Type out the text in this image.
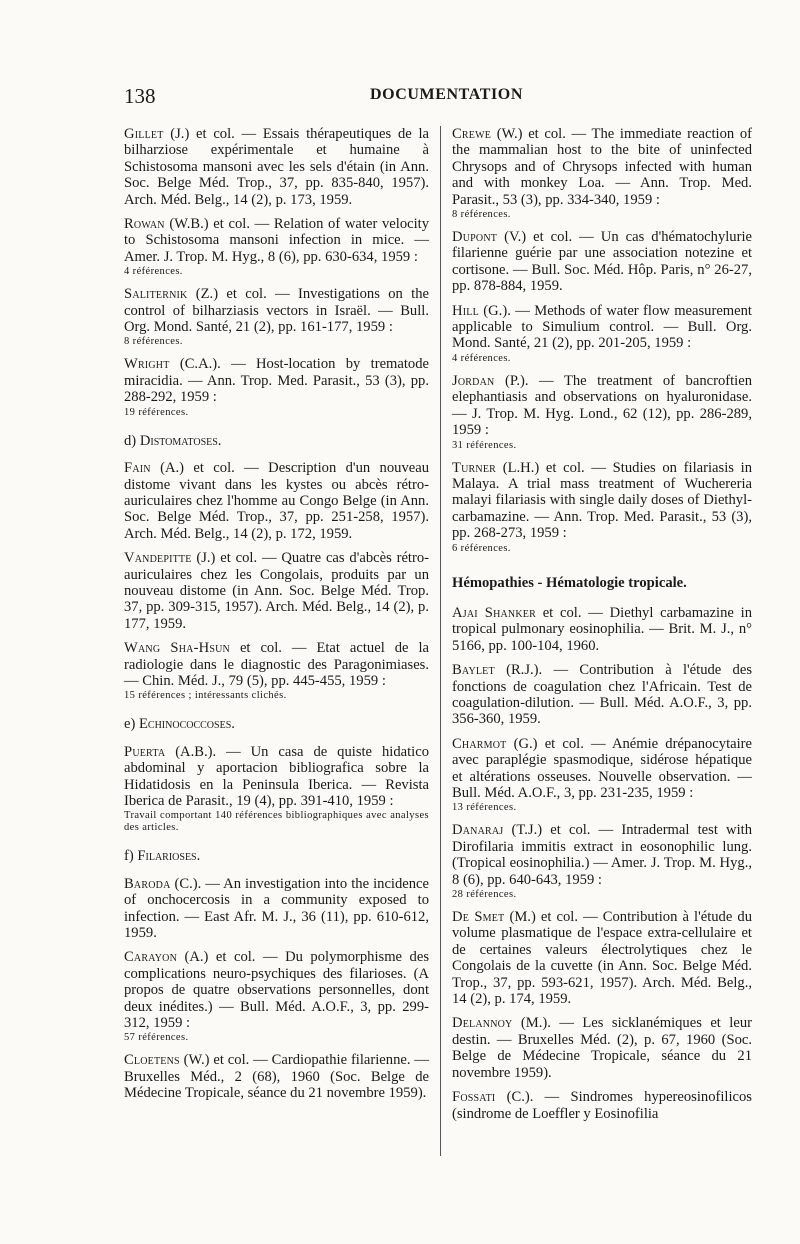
138	DOCUMENTATION
Gillet (J.) et col. — Essais thérapeutiques de la bilharziose expérimentale et humaine à Schistosoma mansoni avec les sels d'étain (in Ann. Soc. Belge Méd. Trop., 37, pp. 835-840, 1957). Arch. Méd. Belg., 14 (2), p. 173, 1959.
Rowan (W.B.) et col. — Relation of water velocity to Schistosoma mansoni infection in mice. — Amer. J. Trop. M. Hyg., 8 (6), pp. 630-634, 1959 :
4 références.
Saliternik (Z.) et col. — Investigations on the control of bilharziasis vectors in Israël. — Bull. Org. Mond. Santé, 21 (2), pp. 161-177, 1959 :
8 références.
Wright (C.A.). — Host-location by trematode miracidia. — Ann. Trop. Med. Parasit., 53 (3), pp. 288-292, 1959 :
19 références.
d) Distomatoses.
Fain (A.) et col. — Description d'un nouveau distome vivant dans les kystes ou abcès rétro-auriculaires chez l'homme au Congo Belge (in Ann. Soc. Belge Méd. Trop., 37, pp. 251-258, 1957). Arch. Méd. Belg., 14 (2), p. 172, 1959.
Vandepitte (J.) et col. — Quatre cas d'abcès rétro-auriculaires chez les Congolais, produits par un nouveau distome (in Ann. Soc. Belge Méd. Trop. 37, pp. 309-315, 1957). Arch. Méd. Belg., 14 (2), p. 177, 1959.
Wang Sha-Hsun et col. — Etat actuel de la radiologie dans le diagnostic des Paragonimiases. — Chin. Méd. J., 79 (5), pp. 445-455, 1959 :
15 références ; intéressants clichés.
e) Echinococcoses.
Puerta (A.B.). — Un casa de quiste hidatico abdominal y aportacion bibliografica sobre la Hidatidosis en la Peninsula Iberica. — Revista Iberica de Parasit., 19 (4), pp. 391-410, 1959 :
Travail comportant 140 références bibliographiques avec analyses des articles.
f) Filarioses.
Baroda (C.). — An investigation into the incidence of onchocercosis in a community exposed to infection. — East Afr. M. J., 36 (11), pp. 610-612, 1959.
Carayon (A.) et col. — Du polymorphisme des complications neuro-psychiques des filarioses. (A propos de quatre observations personnelles, dont deux inédites.) — Bull. Méd. A.O.F., 3, pp. 299-312, 1959 :
57 références.
Cloetens (W.) et col. — Cardiopathie filarienne. — Bruxelles Méd., 2 (68), 1960 (Soc. Belge de Médecine Tropicale, séance du 21 novembre 1959).
Crewe (W.) et col. — The immediate reaction of the mammalian host to the bite of uninfected Chrysops and of Chrysops infected with human and with monkey Loa. — Ann. Trop. Med. Parasit., 53 (3), pp. 334-340, 1959 :
8 références.
Dupont (V.) et col. — Un cas d'hématochylurie filarienne guérie par une association notezine et cortisone. — Bull. Soc. Méd. Hôp. Paris, n° 26-27, pp. 878-884, 1959.
Hill (G.). — Methods of water flow measurement applicable to Simulium control. — Bull. Org. Mond. Santé, 21 (2), pp. 201-205, 1959 :
4 références.
Jordan (P.). — The treatment of bancroftien elephantiasis and observations on hyaluronidase. — J. Trop. M. Hyg. Lond., 62 (12), pp. 286-289, 1959 :
31 références.
Turner (L.H.) et col. — Studies on filariasis in Malaya. A trial mass treatment of Wuchereria malayi filariasis with single daily doses of Diethyl-carbamazine. — Ann. Trop. Med. Parasit., 53 (3), pp. 268-273, 1959 :
6 références.
Hémopathies - Hématologie tropicale.
Ajai Shanker et col. — Diethyl carbamazine in tropical pulmonary eosinophilia. — Brit. M. J., n° 5166, pp. 100-104, 1960.
Baylet (R.J.). — Contribution à l'étude des fonctions de coagulation chez l'Africain. Test de coagulation-dilution. — Bull. Méd. A.O.F., 3, pp. 356-360, 1959.
Charmot (G.) et col. — Anémie drépanocytaire avec paraplégie spasmodique, sidérose hépatique et altérations osseuses. Nouvelle observation. — Bull. Méd. A.O.F., 3, pp. 231-235, 1959 :
13 références.
Danaraj (T.J.) et col. — Intradermal test with Dirofilaria immitis extract in eosonophilic lung. (Tropical eosinophilia.) — Amer. J. Trop. M. Hyg., 8 (6), pp. 640-643, 1959 :
28 références.
De Smet (M.) et col. — Contribution à l'étude du volume plasmatique de l'espace extra-cellulaire et de certaines valeurs électrolytiques chez le Congolais de la cuvette (in Ann. Soc. Belge Méd. Trop., 37, pp. 593-621, 1957). Arch. Méd. Belg., 14 (2), p. 174, 1959.
Delannoy (M.). — Les sicklanémiques et leur destin. — Bruxelles Méd. (2), p. 67, 1960 (Soc. Belge de Médecine Tropicale, séance du 21 novembre 1959).
Fossati (C.). — Sindromes hypereosinofilicos (sindrome de Loeffler y Eosinofilia
